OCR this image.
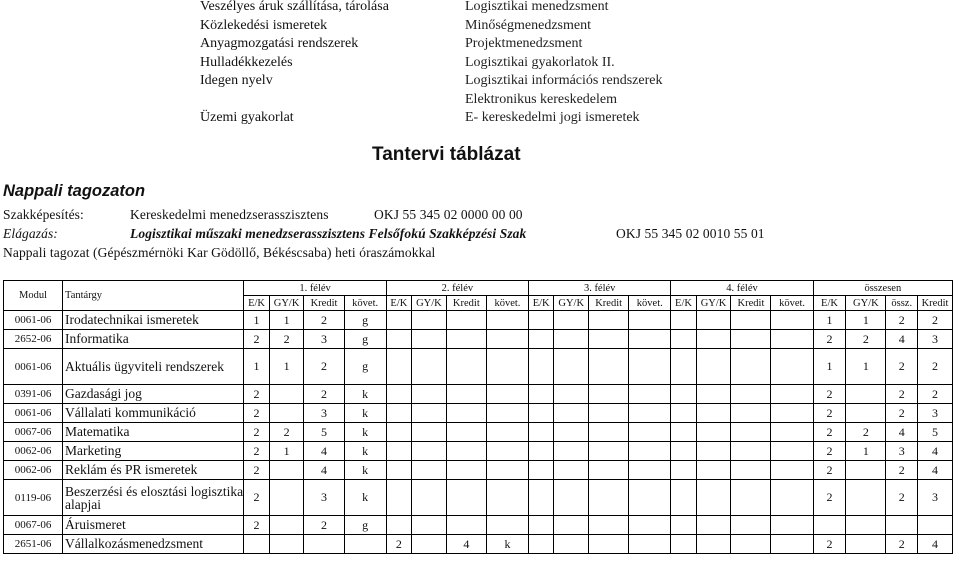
Veszélyes áruk szállítása, tárolása
Közlekedési ismeretek
Anyagmozgatási rendszerek
Hulladékkezelés
Idegen nyelv
Üzemi gyakorlat
Logisztikai menedzsment
Minőségmenedzsment
Projektmenedzsment
Logisztikai gyakorlatok II.
Logisztikai információs rendszerek
Elektronikus kereskedelem
E- kereskedelmi jogi ismeretek
Tantervi táblázat
Nappali tagozaton
Szakképesítés:	Kereskedelmi menedzserasszisztens	OKJ 55 345 02 0000 00 00
Elágazás:	Logisztikai műszaki menedzserasszisztens Felsőfokú Szakképzési Szak	OKJ 55 345 02 0010 55 01
Nappali tagozat (Gépészmérnöki Kar Gödöllő, Békéscsaba) heti óraszámokkal
Modul	Tantárgy	1. félév				2. félév				3. félév				4. félév				összesen			
		E/K	GY/K	Kredit	követ.	E/K	GY/K	Kredit	követ.	E/K	GY/K	Kredit	követ.	E/K	GY/K	Kredit	követ.	E/K	GY/K	össz.	Kredit
0061-06	Irodatechnikai ismeretek	1	1	2	g													1	1	2	2
2652-06	Informatika	2	2	3	g													2	2	4	3
0061-06	Aktuális ügyviteli rendszerek	1	1	2	g													1	1	2	2
0391-06	Gazdasági jog	2		2	k													2		2	2
0061-06	Vállalati kommunikáció	2		3	k													2		2	3
0067-06	Matematika	2	2	5	k													2	2	4	5
0062-06	Marketing	2	1	4	k													2	1	3	4
0062-06	Reklám és PR ismeretek	2		4	k													2		2	4
0119-06	Beszerzési és elosztási logisztika alapjai	2		3	k													2		2	3
0067-06	Áruismeret	2		2	g																
2651-06	Vállalkozásmenedzsment					2		4	k									2		2	4
